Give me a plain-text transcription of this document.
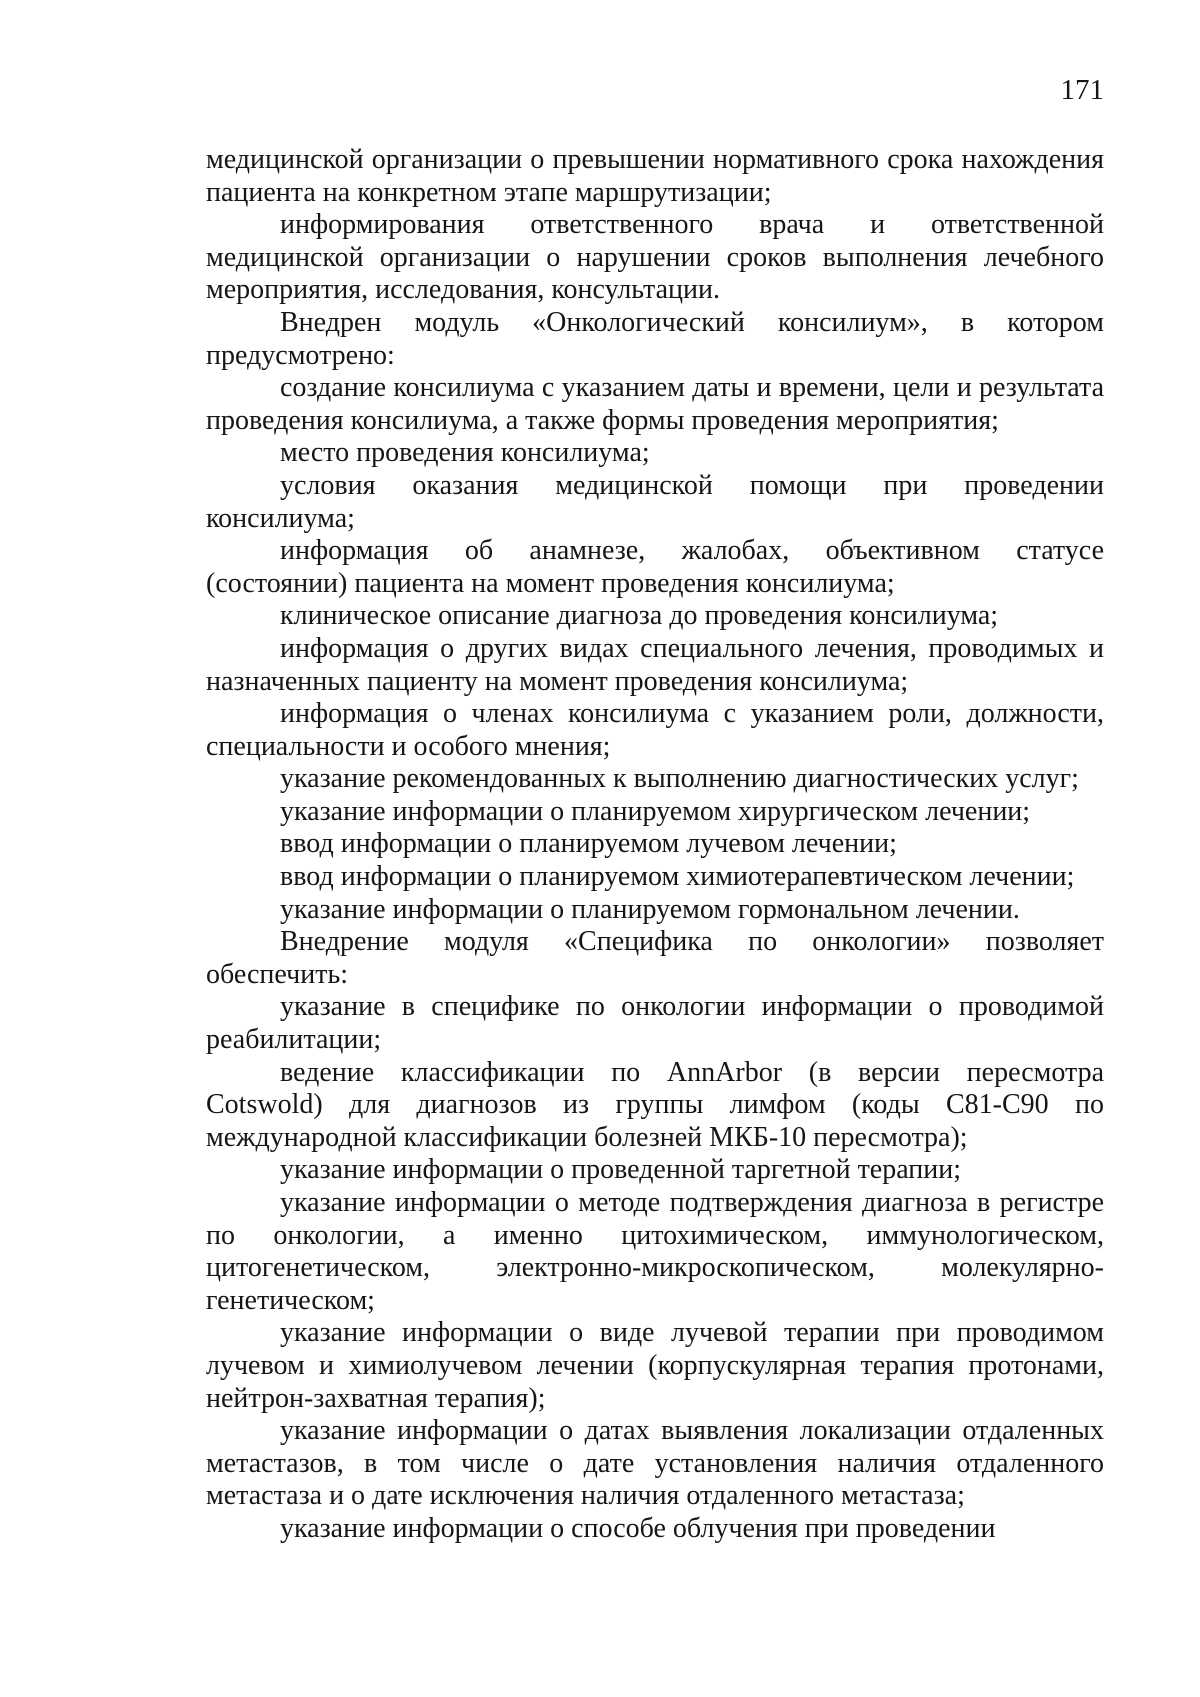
171

медицинской организации о превышении нормативного срока нахождения пациента на конкретном этапе маршрутизации;

информирования ответственного врача и ответственной медицинской организации о нарушении сроков выполнения лечебного мероприятия, исследования, консультации.

Внедрен модуль «Онкологический консилиум», в котором предусмотрено:

создание консилиума с указанием даты и времени, цели и результата проведения консилиума, а также формы проведения мероприятия;

место проведения консилиума;

условия оказания медицинской помощи при проведении консилиума;

информация об анамнезе, жалобах, объективном статусе (состоянии) пациента на момент проведения консилиума;

клиническое описание диагноза до проведения консилиума;

информация о других видах специального лечения, проводимых и назначенных пациенту на момент проведения консилиума;

информация о членах консилиума с указанием роли, должности, специальности и особого мнения;

указание рекомендованных к выполнению диагностических услуг;

указание информации о планируемом хирургическом лечении;

ввод информации о планируемом лучевом лечении;

ввод информации о планируемом химиотерапевтическом лечении;

указание информации о планируемом гормональном лечении.

Внедрение модуля «Специфика по онкологии» позволяет обеспечить:

указание в специфике по онкологии информации о проводимой реабилитации;

ведение классификации по AnnArbor (в версии пересмотра Cotswold) для диагнозов из группы лимфом (коды С81-С90 по международной классификации болезней МКБ-10 пересмотра);

указание информации о проведенной таргетной терапии;

указание информации о методе подтверждения диагноза в регистре по онкологии, а именно цитохимическом, иммунологическом, цитогенетическом, электронно-микроскопическом, молекулярно-генетическом;

указание информации о виде лучевой терапии при проводимом лучевом и химиолучевом лечении (корпускулярная терапия протонами, нейтрон-захватная терапия);

указание информации о датах выявления локализации отдаленных метастазов, в том числе о дате установления наличия отдаленного метастаза и о дате исключения наличия отдаленного метастаза;

указание информации о способе облучения при проведении
